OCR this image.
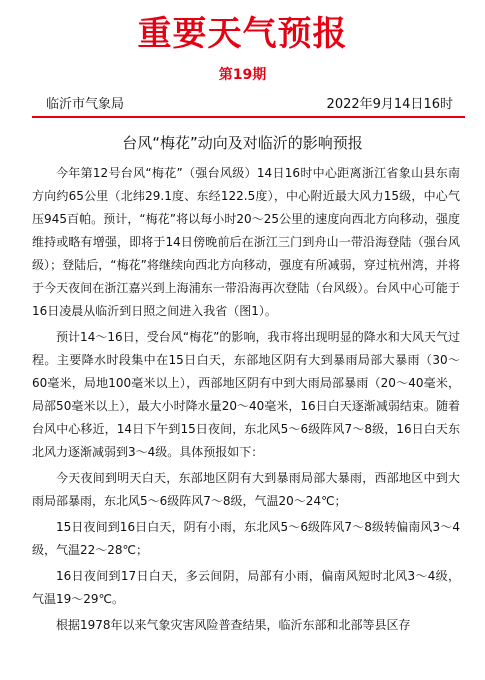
重要天气预报
第19期
临沂市气象局	2022年9月14日16时
台风“梅花”动向及对临沂的影响预报

今年第12号台风“梅花”（强台风级）14日16时中心距离浙江省象山县东南方向约65公里（北纬29.1度、东经122.5度），中心附近最大风力15级，中心气压945百帕。预计，“梅花”将以每小时20～25公里的速度向西北方向移动，强度维持或略有增强，即将于14日傍晚前后在浙江三门到舟山一带沿海登陆（强台风级）；登陆后，“梅花”将继续向西北方向移动，强度有所减弱，穿过杭州湾，并将于今天夜间在浙江嘉兴到上海浦东一带沿海再次登陆（台风级）。台风中心可能于16日凌晨从临沂到日照之间进入我省（图1）。

预计14～16日，受台风“梅花”的影响，我市将出现明显的降水和大风天气过程。主要降水时段集中在15日白天，东部地区阴有大到暴雨局部大暴雨（30～60毫米，局地100毫米以上），西部地区阴有中到大雨局部暴雨（20～40毫米，局部50毫米以上），最大小时降水量20～40毫米，16日白天逐渐减弱结束。随着台风中心移近，14日下午到15日夜间，东北风5～6级阵风7～8级，16日白天东北风力逐渐减弱到3～4级。具体预报如下：

今天夜间到明天白天，东部地区阴有大到暴雨局部大暴雨，西部地区中到大雨局部暴雨，东北风5～6级阵风7～8级，气温20～24℃；

15日夜间到16日白天，阴有小雨，东北风5～6级阵风7～8级转偏南风3～4级，气温22～28℃；

16日夜间到17日白天，多云间阴，局部有小雨，偏南风短时北风3～4级，气温19～29℃。

根据1978年以来气象灾害风险普查结果，临沂东部和北部等县区存
